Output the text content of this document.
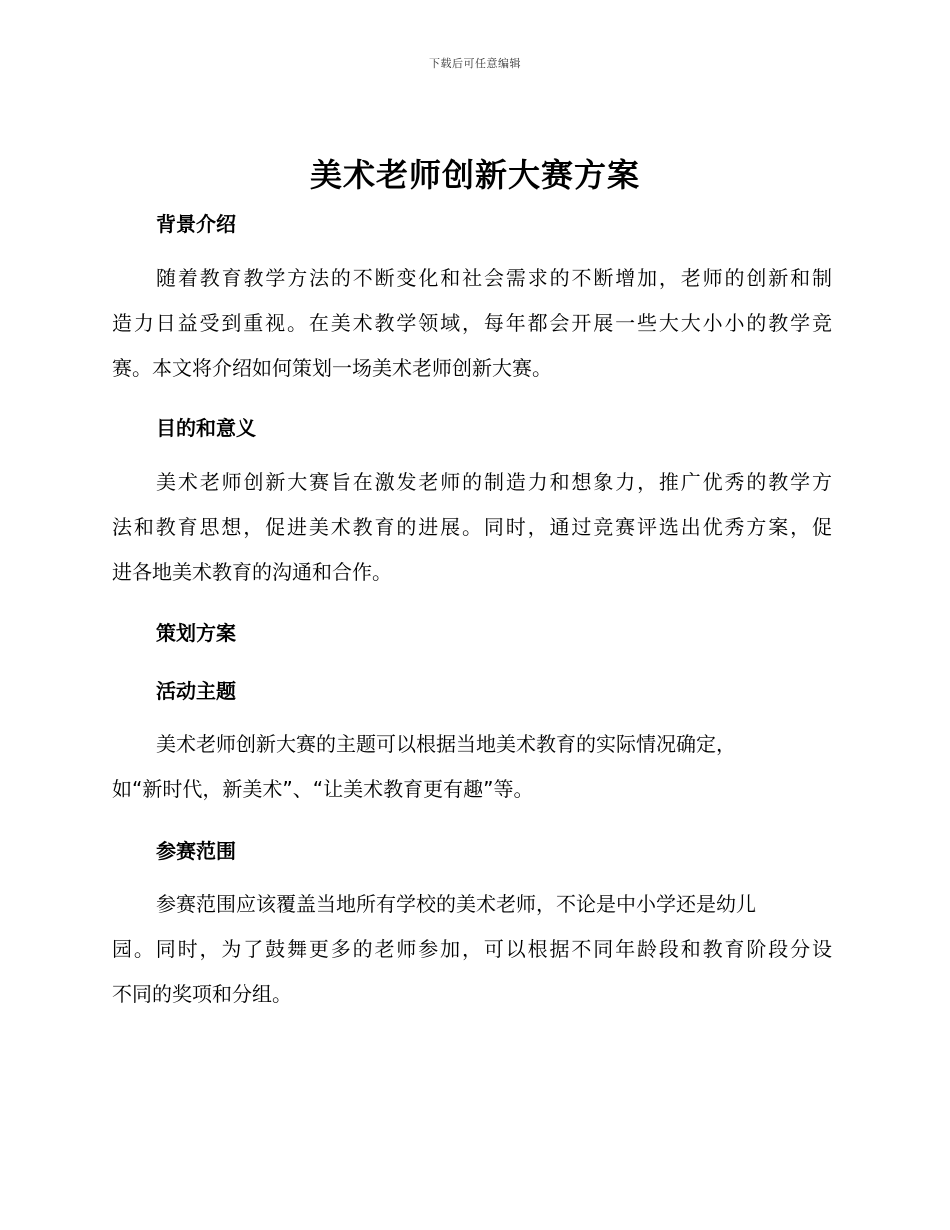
下载后可任意编辑
美术老师创新大赛方案
背景介绍
随着教育教学方法的不断变化和社会需求的不断增加，老师的创新和制
造力日益受到重视。在美术教学领域，每年都会开展一些大大小小的教学竞
赛。本文将介绍如何策划一场美术老师创新大赛。
目的和意义
美术老师创新大赛旨在激发老师的制造力和想象力，推广优秀的教学方
法和教育思想，促进美术教育的进展。同时，通过竞赛评选出优秀方案，促
进各地美术教育的沟通和合作。
策划方案
活动主题
美术老师创新大赛的主题可以根据当地美术教育的实际情况确定，
如“新时代，新美术”、“让美术教育更有趣”等。
参赛范围
参赛范围应该覆盖当地所有学校的美术老师，不论是中小学还是幼儿
园。同时，为了鼓舞更多的老师参加，可以根据不同年龄段和教育阶段分设
不同的奖项和分组。
